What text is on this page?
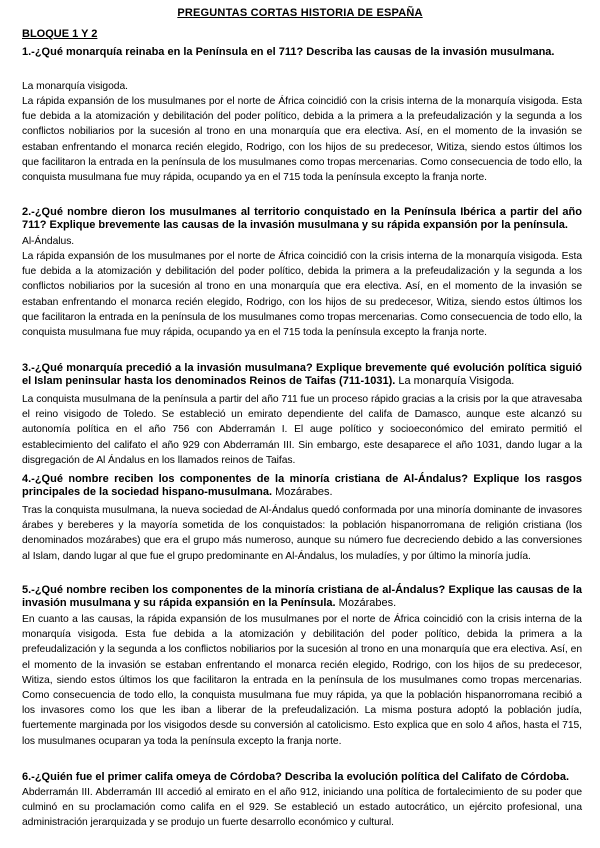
PREGUNTAS CORTAS HISTORIA DE ESPAÑA
BLOQUE 1 Y 2
1.-¿Qué monarquía reinaba en la Península en el 711? Describa las causas de la invasión musulmana.
La monarquía visigoda.
La rápida expansión de los musulmanes por el norte de África coincidió con la crisis interna de la monarquía visigoda. Esta fue debida a la atomización y debilitación del poder político, debida a la primera a la prefeudalización y la segunda a los conflictos nobiliarios por la sucesión al trono en una monarquía que era electiva. Así, en el momento de la invasión se estaban enfrentando el monarca recién elegido, Rodrigo, con los hijos de su predecesor, Witiza, siendo estos últimos los que facilitaron la entrada en la península de los musulmanes como tropas mercenarias. Como consecuencia de todo ello, la conquista musulmana fue muy rápida, ocupando ya en el 715 toda la península excepto la franja norte.
2.-¿Qué nombre dieron los musulmanes al territorio conquistado en la Península Ibérica a partir del año 711? Explique brevemente las causas de la invasión musulmana y su rápida expansión por la península.
Al-Ándalus.
La rápida expansión de los musulmanes por el norte de África coincidió con la crisis interna de la monarquía visigoda. Esta fue debida a la atomización y debilitación del poder político, debida la primera a la prefeudalización y la segunda a los conflictos nobiliarios por la sucesión al trono en una monarquía que era electiva. Así, en el momento de la invasión se estaban enfrentando el monarca recién elegido, Rodrigo, con los hijos de su predecesor, Witiza, siendo estos últimos los que facilitaron la entrada en la península de los musulmanes como tropas mercenarias. Como consecuencia de todo ello, la conquista musulmana fue muy rápida, ocupando ya en el 715 toda la península excepto la franja norte.
3.-¿Qué monarquía precedió a la invasión musulmana? Explique brevemente qué evolución política siguió el Islam peninsular hasta los denominados Reinos de Taifas (711-1031). La monarquía Visigoda.
La conquista musulmana de la península a partir del año 711 fue un proceso rápido gracias a la crisis por la que atravesaba el reino visigodo de Toledo. Se estableció un emirato dependiente del califa de Damasco, aunque este alcanzó su autonomía política en el año 756 con Abderramán I. El auge político y socioeconómico del emirato permitió el establecimiento del califato el año 929 con Abderramán III. Sin embargo, este desaparece el año 1031, dando lugar a la disgregación de Al Ándalus en los llamados reinos de Taifas.
4.-¿Qué nombre reciben los componentes de la minoría cristiana de Al-Ándalus? Explique los rasgos principales de la sociedad hispano-musulmana. Mozárabes.
Tras la conquista musulmana, la nueva sociedad de Al-Ándalus quedó conformada por una minoría dominante de invasores árabes y bereberes y la mayoría sometida de los conquistados: la población hispanorromana de religión cristiana (los denominados mozárabes) que era el grupo más numeroso, aunque su número fue decreciendo debido a las conversiones al Islam, dando lugar al que fue el grupo predominante en Al-Ándalus, los muladíes, y por último la minoría judía.
5.-¿Qué nombre reciben los componentes de la minoría cristiana de al-Ándalus? Explique las causas de la invasión musulmana y su rápida expansión en la Península. Mozárabes.
En cuanto a las causas, la rápida expansión de los musulmanes por el norte de África coincidió con la crisis interna de la monarquía visigoda. Esta fue debida a la atomización y debilitación del poder político, debida la primera a la prefeudalización y la segunda a los conflictos nobiliarios por la sucesión al trono en una monarquía que era electiva. Así, en el momento de la invasión se estaban enfrentando el monarca recién elegido, Rodrigo, con los hijos de su predecesor, Witiza, siendo estos últimos los que facilitaron la entrada en la península de los musulmanes como tropas mercenarias. Como consecuencia de todo ello, la conquista musulmana fue muy rápida, ya que la población hispanorromana recibió a los invasores como los que les iban a liberar de la prefeudalización. La misma postura adoptó la población judía, fuertemente marginada por los visigodos desde su conversión al catolicismo. Esto explica que en solo 4 años, hasta el 715, los musulmanes ocuparan ya toda la península excepto la franja norte.
6.-¿Quién fue el primer califa omeya de Córdoba? Describa la evolución política del Califato de Córdoba.
Abderramán III. Abderramán III accedió al emirato en el año 912, iniciando una política de fortalecimiento de su poder que culminó en su proclamación como califa en el 929. Se estableció un estado autocrático, un ejército profesional, una administración jerarquizada y se produjo un fuerte desarrollo económico y cultural.
